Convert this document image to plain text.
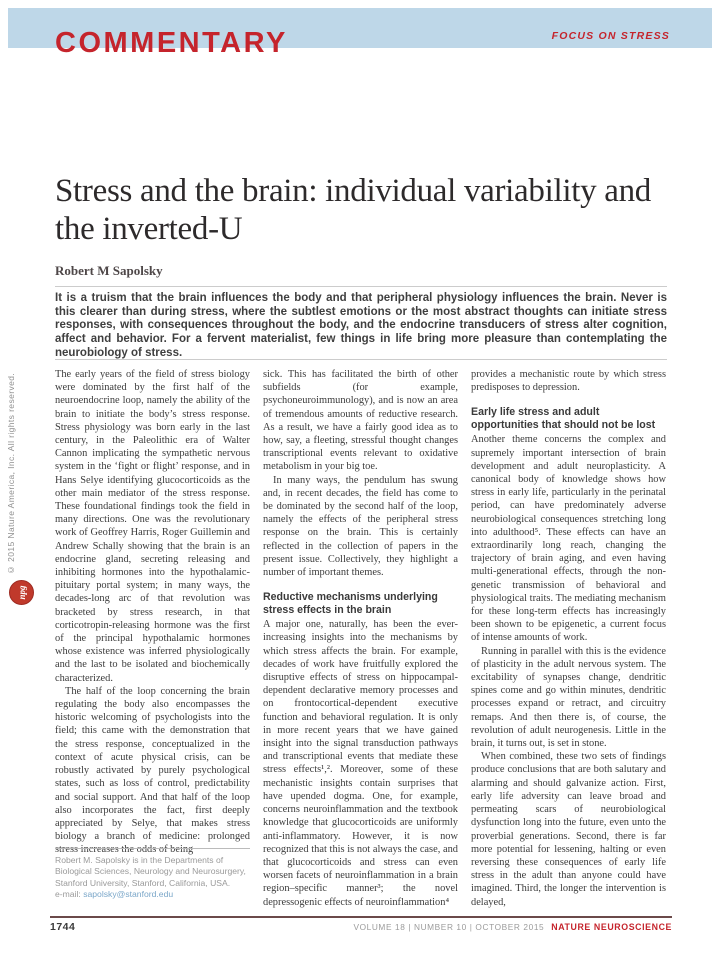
COMMENTARY	FOCUS ON STRESS
© 2015 Nature America, Inc. All rights reserved.
npg
Stress and the brain: individual variability and the inverted-U
Robert M Sapolsky
It is a truism that the brain influences the body and that peripheral physiology influences the brain. Never is this clearer than during stress, where the subtlest emotions or the most abstract thoughts can initiate stress responses, with consequences throughout the body, and the endocrine transducers of stress alter cognition, affect and behavior. For a fervent materialist, few things in life bring more pleasure than contemplating the neurobiology of stress.

The early years of the field of stress biology were dominated by the first half of the neuroendocrine loop, namely the ability of the brain to initiate the body’s stress response. Stress physiology was born early in the last century, in the Paleolithic era of Walter Cannon implicating the sympathetic nervous system in the ‘fight or flight’ response, and in Hans Selye identifying glucocorticoids as the other main mediator of the stress response. These foundational findings took the field in many directions. One was the revolutionary work of Geoffrey Harris, Roger Guillemin and Andrew Schally showing that the brain is an endocrine gland, secreting releasing and inhibiting hormones into the hypothalamic-pituitary portal system; in many ways, the decades-long arc of that revolution was bracketed by stress research, in that corticotropin-releasing hormone was the first of the principal hypothalamic hormones whose existence was inferred physiologically and the last to be isolated and biochemically characterized.

The half of the loop concerning the brain regulating the body also encompasses the historic welcoming of psychologists into the field; this came with the demonstration that the stress response, conceptualized in the context of acute physical crisis, can be robustly activated by purely psychological states, such as loss of control, predictability and social support. And that half of the loop also incorporates the fact, first deeply appreciated by Selye, that makes stress biology a branch of medicine: prolonged stress increases the odds of being

Robert M. Sapolsky is in the Departments of Biological Sciences, Neurology and Neurosurgery, Stanford University, Stanford, California, USA.
e-mail: sapolsky@stanford.edu

sick. This has facilitated the birth of other subfields (for example, psychoneuroimmunology), and is now an area of tremendous amounts of reductive research. As a result, we have a fairly good idea as to how, say, a fleeting, stressful thought changes transcriptional events relevant to oxidative metabolism in your big toe.

In many ways, the pendulum has swung and, in recent decades, the field has come to be dominated by the second half of the loop, namely the effects of the peripheral stress response on the brain. This is certainly reflected in the collection of papers in the present issue. Collectively, they highlight a number of important themes.

Reductive mechanisms underlying stress effects in the brain

A major one, naturally, has been the ever-increasing insights into the mechanisms by which stress affects the brain. For example, decades of work have fruitfully explored the disruptive effects of stress on hippocampal-dependent declarative memory processes and on frontocortical-dependent executive function and behavioral regulation. It is only in more recent years that we have gained insight into the signal transduction pathways and transcriptional events that mediate these stress effects¹,². Moreover, some of these mechanistic insights contain surprises that have upended dogma. One, for example, concerns neuroinflammation and the textbook knowledge that glucocorticoids are uniformly anti-inflammatory. However, it is now recognized that this is not always the case, and that glucocorticoids and stress can even worsen facets of neuroinflammation in a brain region–specific manner³; the novel depressogenic effects of neuroinflammation⁴

provides a mechanistic route by which stress predisposes to depression.

Early life stress and adult opportunities that should not be lost

Another theme concerns the complex and supremely important intersection of brain development and adult neuroplasticity. A canonical body of knowledge shows how stress in early life, particularly in the perinatal period, can have predominately adverse neurobiological consequences stretching long into adulthood⁵. These effects can have an extraordinarily long reach, changing the trajectory of brain aging, and even having multi-generational effects, through the non-genetic transmission of behavioral and physiological traits. The mediating mechanism for these long-term effects has increasingly been shown to be epigenetic, a current focus of intense amounts of work.

Running in parallel with this is the evidence of plasticity in the adult nervous system. The excitability of synapses change, dendritic spines come and go within minutes, dendritic processes expand or retract, and circuitry remaps. And then there is, of course, the revolution of adult neurogenesis. Little in the brain, it turns out, is set in stone.

When combined, these two sets of findings produce conclusions that are both salutary and alarming and should galvanize action. First, early life adversity can leave broad and permeating scars of neurobiological dysfunction long into the future, even unto the proverbial generations. Second, there is far more potential for lessening, halting or even reversing these consequences of early life stress in the adult than anyone could have imagined. Third, the longer the intervention is delayed,

1744	VOLUME 18 | NUMBER 10 | OCTOBER 2015 NATURE NEUROSCIENCE
